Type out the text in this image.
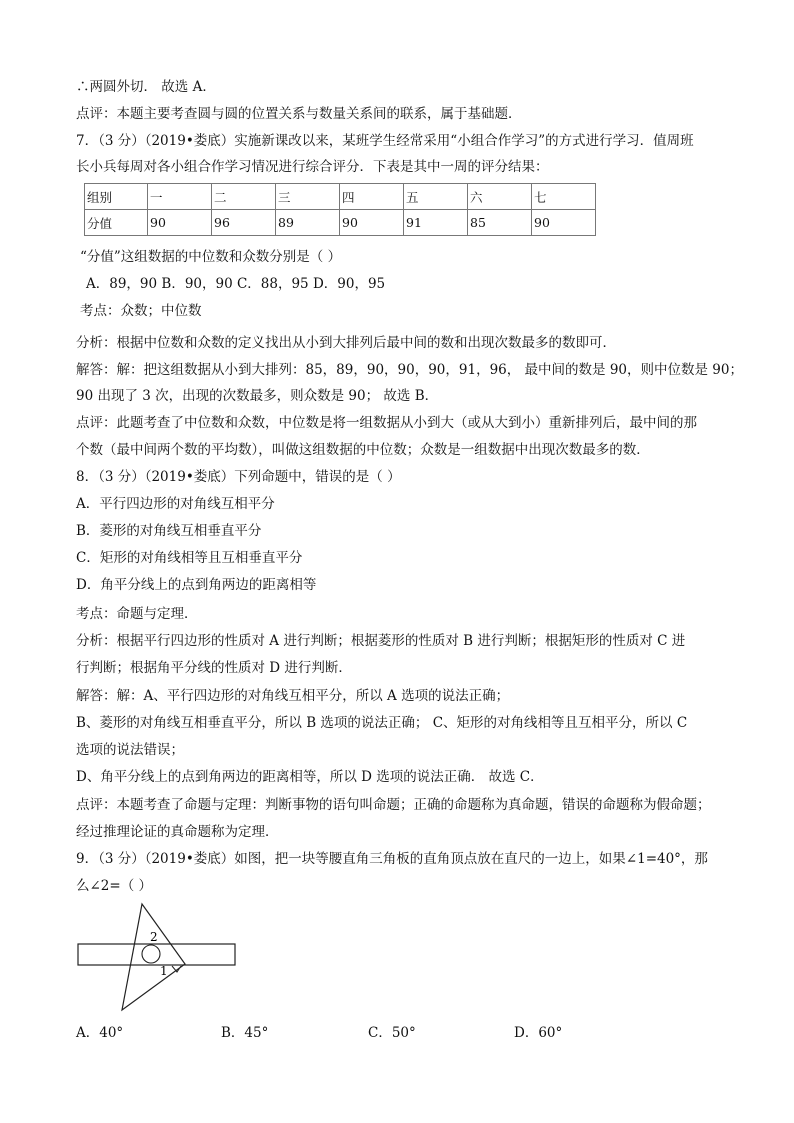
∴两圆外切． 故选 A．
点评：本题主要考查圆与圆的位置关系与数量关系间的联系，属于基础题．
7．（3 分）（2019•娄底）实施新课改以来，某班学生经常采用“小组合作学习”的方式进行学习．值周班
长小兵每周对各小组合作学习情况进行综合评分．下表是其中一周的评分结果：
组别	一	二	三	四	五	六	七
分值	90	96	89	90	91	85	90
“分值”这组数据的中位数和众数分别是（ ）
A．89，90 B．90，90 C．88，95 D．90，95
考点：众数；中位数
分析：根据中位数和众数的定义找出从小到大排列后最中间的数和出现次数最多的数即可．
解答：解：把这组数据从小到大排列：85，89，90，90，90，91，96， 最中间的数是 90，则中位数是 90；
90 出现了 3 次，出现的次数最多，则众数是 90； 故选 B．
点评：此题考查了中位数和众数，中位数是将一组数据从小到大（或从大到小）重新排列后，最中间的那
个数（最中间两个数的平均数），叫做这组数据的中位数；众数是一组数据中出现次数最多的数．
8．（3 分）（2019•娄底）下列命题中，错误的是（ ）
A．平行四边形的对角线互相平分
B．菱形的对角线互相垂直平分
C．矩形的对角线相等且互相垂直平分
D．角平分线上的点到角两边的距离相等
考点：命题与定理．
分析：根据平行四边形的性质对 A 进行判断；根据菱形的性质对 B 进行判断；根据矩形的性质对 C 进
行判断；根据角平分线的性质对 D 进行判断．
解答：解：A、平行四边形的对角线互相平分，所以 A 选项的说法正确；
B、菱形的对角线互相垂直平分，所以 B 选项的说法正确； C、矩形的对角线相等且互相平分，所以 C
选项的说法错误；
D、角平分线上的点到角两边的距离相等，所以 D 选项的说法正确． 故选 C．
点评：本题考查了命题与定理：判断事物的语句叫命题；正确的命题称为真命题，错误的命题称为假命题；
经过推理论证的真命题称为定理．
9．（3 分）（2019•娄底）如图，把一块等腰直角三角板的直角顶点放在直尺的一边上，如果∠1=40°，那
么∠2=（ ）
2
1
A．40°	B．45°	C．50°	D．60°
